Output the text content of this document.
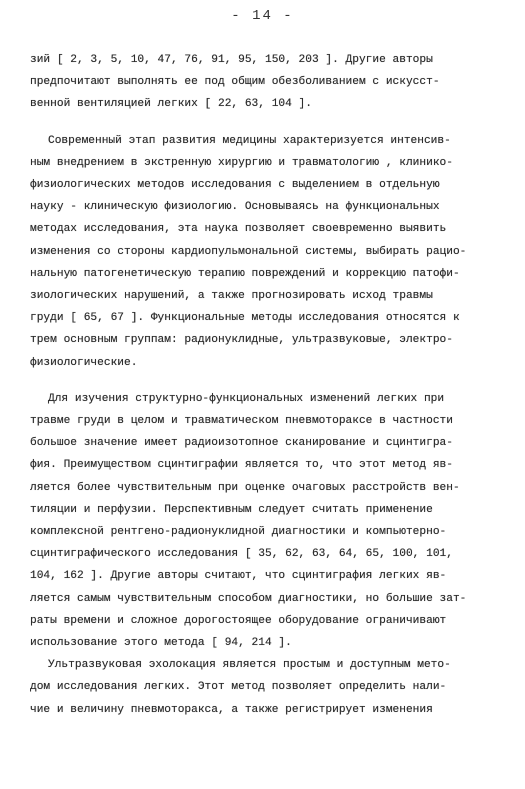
- 14 -
зий [ 2, 3, 5, 10, 47, 76, 91, 95, 150, 203 ]. Другие авторы
предпочитают выполнять ее под общим обезболиванием с искусст-
венной вентиляцией легких [ 22, 63, 104 ].
Современный этап развития медицины характеризуется интенсив-
ным внедрением в экстренную хирургию и травматологию , клинико-
физиологических методов исследования с выделением в отдельную
науку - клиническую физиологию. Основываясь на функциональных
методах исследования, эта наука позволяет своевременно выявить
изменения со стороны кардиопульмональной системы, выбирать рацио-
нальную патогенетическую терапию повреждений и коррекцию патофи-
зиологических нарушений, а также прогнозировать исход травмы
груди [ 65, 67 ]. Функциональные методы исследования относятся к
трем основным группам: радионуклидные, ультразвуковые, электро-
физиологические.
Для изучения структурно-функциональных изменений легких при
травме груди в целом и травматическом пневмотораксе в частности
большое значение имеет радиоизотопное сканирование и сцинтигра-
фия. Преимуществом сцинтиграфии является то, что этот метод яв-
ляется более чувствительным при оценке очаговых расстройств вен-
тиляции и перфузии. Перспективным следует считать применение
комплексной рентгено-радионуклидной диагностики и компьютерно-
сцинтиграфического исследования [ 35, 62, 63, 64, 65, 100, 101,
104, 162 ]. Другие авторы считают, что сцинтиграфия легких яв-
ляется самым чувствительным способом диагностики, но большие зат-
раты времени и сложное дорогостоящее оборудование ограничивают
использование этого метода [ 94, 214 ].
Ультразвуковая эхолокация является простым и доступным мето-
дом исследования легких. Этот метод позволяет определить нали-
чие и величину пневмоторакса, а также регистрирует изменения
